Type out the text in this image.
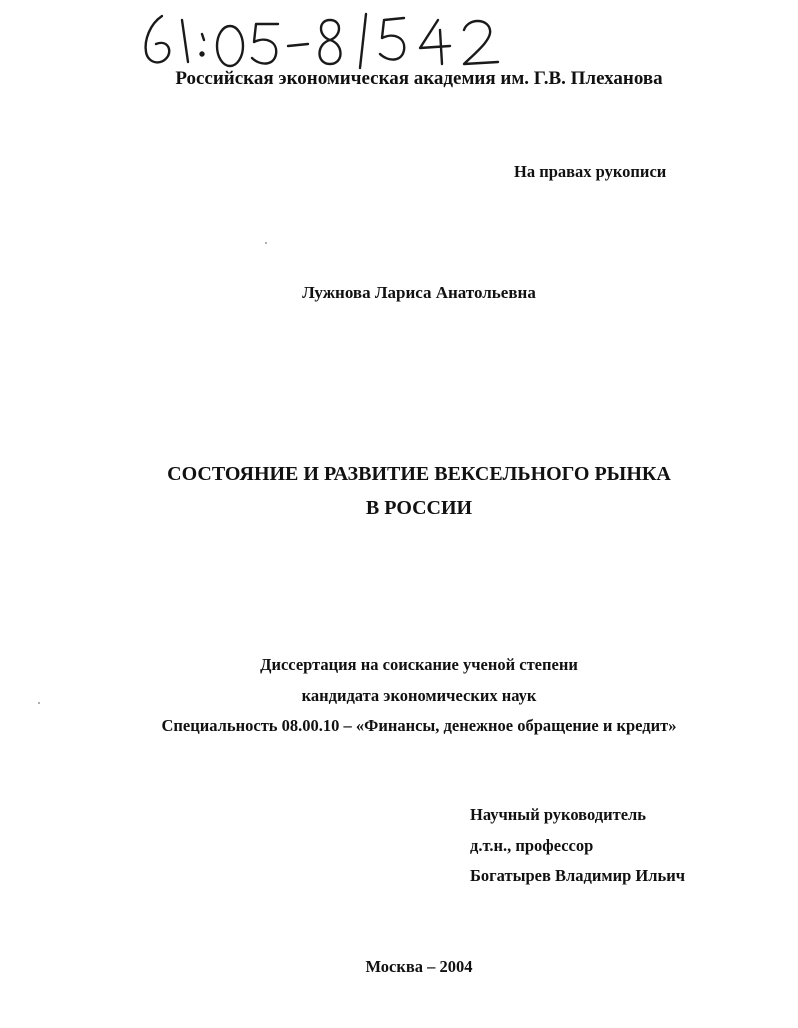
Российская экономическая академия им. Г.В. Плеханова
На правах рукописи
Лужнова Лариса Анатольевна
СОСТОЯНИЕ И РАЗВИТИЕ ВЕКСЕЛЬНОГО РЫНКА
В РОССИИ
Диссертация на соискание ученой степени
кандидата экономических наук
Специальность 08.00.10 – «Финансы, денежное обращение и кредит»
Научный руководитель
д.т.н., профессор
Богатырев Владимир Ильич
Москва – 2004
